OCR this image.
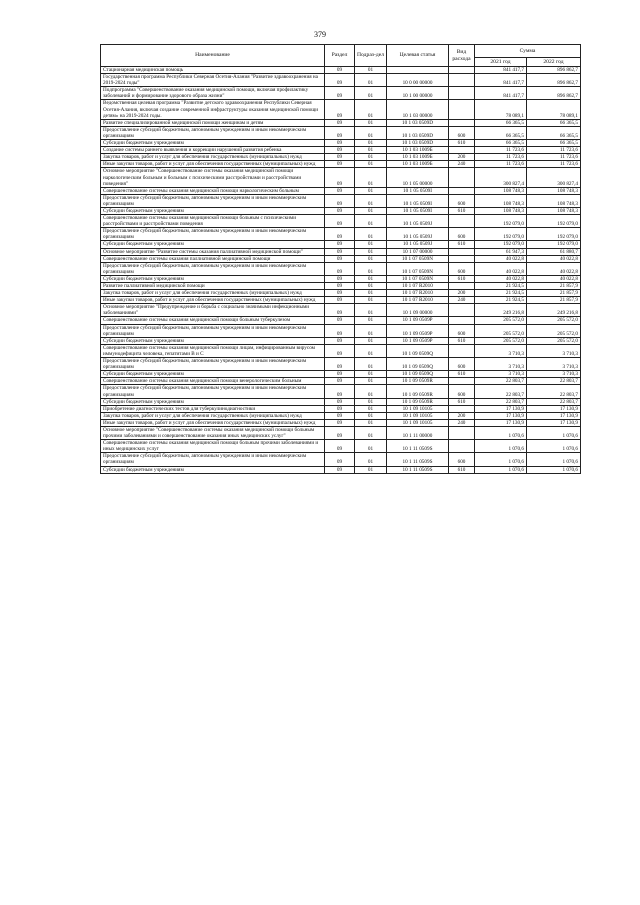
379
Наименование	Раздел	Подраз-дел	Целевая статья	Вид расхода	Сумма	
					2021 год	2022 год
Стационарная медицинская помощь	09	01			841 417,7	896 862,7
Государственная программа Республики Северная Осетия-Алания "Развитие здравоохранения на 2019-2024 годы"	09	01	10 0 00 00000		841 417,7	896 862,7
Подпрограмма "Совершенствование оказания медицинской помощи, включая профилактику заболеваний и формирование здорового образа жизни"	09	01	10 1 00 00000		841 417,7	896 862,7
Ведомственная целевая программа "Развитие детского здравоохранения Республики Северная Осетия-Алания, включая создание современной инфраструктуры оказания медицинской помощи детям» на 2019-2024 годы.	09	01	10 1 03 00000		78 089,1	78 089,1
Развитие специализированной медицинской помощи женщинам и детям	09	01	10 1 03 0509D		66 365,5	66 365,5
Предоставление субсидий бюджетным, автономным учреждениям и иным некоммерческим организациям	09	01	10 1 03 0509D	600	66 365,5	66 365,5
Субсидии бюджетным учреждениям	09	01	10 1 03 0509D	610	66 365,5	66 365,5
Создание системы раннего выявления и коррекции нарушений развития ребенка	09	01	10 1 03 1009Б		11 723,6	11 723,6
Закупка товаров, работ и услуг для обеспечения государственных (муниципальных) нужд	09	01	10 1 03 1009Б	200	11 723,6	11 723,6
Иные закупки товаров, работ и услуг для обеспечения государственных (муниципальных) нужд	09	01	10 1 03 1009Б	240	11 723,6	11 723,6
Основное мероприятие "Совершенствование системы оказания медицинской помощи наркологическим больным и больным с психическими расстройствами и расстройствами поведения"	09	01	10 1 05 00000		300 827,4	300 827,4
Совершенствование системы оказания медицинской помощи наркологическим больным	09	01	10 1 05 0509I		108 748,3	108 748,3
Предоставление субсидий бюджетным, автономным учреждениям и иным некоммерческим организациям	09	01	10 1 05 0509I	600	108 748,3	108 748,3
Субсидии бюджетным учреждениям	09	01	10 1 05 0509I	610	108 748,3	108 748,3
Совершенствование системы оказания медицинской помощи больным с психическими расстройствами и расстройствами поведения	09	01	10 1 05 0509J		192 079,0	192 079,0
Предоставление субсидий бюджетным, автономным учреждениям и иным некоммерческим организациям	09	01	10 1 05 0509J	600	192 079,0	192 079,0
Субсидии бюджетным учреждениям	09	01	10 1 05 0509J	610	192 079,0	192 079,0
Основное мероприятие "Развитие системы оказания паллиативной медицинской помощи"	09	01	10 1 07 00000		61 947,3	61 880,7
Совершенствование системы оказания паллиативной медицинской помощи	09	01	10 1 07 0509N		40 022,8	40 022,8
Предоставление субсидий бюджетным, автономным учреждениям и иным некоммерческим организациям	09	01	10 1 07 0509N	600	40 022,8	40 022,8
Субсидии бюджетным учреждениям	09	01	10 1 07 0509N	610	40 022,8	40 022,8
Развитие паллиативной медицинской помощи	09	01	10 1 07 R2010		21 924,5	21 857,9
Закупка товаров, работ и услуг для обеспечения государственных (муниципальных) нужд	09	01	10 1 07 R2010	200	21 924,5	21 857,9
Иные закупки товаров, работ и услуг для обеспечения государственных (муниципальных) нужд	09	01	10 1 07 R2010	240	21 924,5	21 857,9
Основное мероприятие "Предупреждение и борьба с социально значимыми инфекционными заболеваниями"	09	01	10 1 09 00000		249 216,8	249 216,8
Совершенствование системы оказания медицинской помощи больным туберкулезом	09	01	10 1 09 0509P		205 572,0	205 572,0
Предоставление субсидий бюджетным, автономным учреждениям и иным некоммерческим организациям	09	01	10 1 09 0509P	600	205 572,0	205 572,0
Субсидии бюджетным учреждениям	09	01	10 1 09 0509P	610	205 572,0	205 572,0
Совершенствование системы оказания медицинской помощи лицам, инфицированным вирусом иммунодефицита человека, гепатитами В и С	09	01	10 1 09 0509Q		3 710,3	3 710,3
Предоставление субсидий бюджетным, автономным учреждениям и иным некоммерческим организациям	09	01	10 1 09 0509Q	600	3 710,3	3 710,3
Субсидии бюджетным учреждениям	09	01	10 1 09 0509Q	610	3 710,3	3 710,3
Совершенствование системы оказания медицинской помощи венерологическим больным	09	01	10 1 09 0509R		22 803,7	22 803,7
Предоставление субсидий бюджетным, автономным учреждениям и иным некоммерческим организациям	09	01	10 1 09 0509R	600	22 803,7	22 803,7
Субсидии бюджетным учреждениям	09	01	10 1 09 0509R	610	22 803,7	22 803,7
Приобретение диагностических тестов для туберкулинодиагностики	09	01	10 1 09 10105		17 130,9	17 130,9
Закупка товаров, работ и услуг для обеспечения государственных (муниципальных) нужд	09	01	10 1 09 10105	200	17 130,9	17 130,9
Иные закупки товаров, работ и услуг для обеспечения государственных (муниципальных) нужд	09	01	10 1 09 10105	240	17 130,9	17 130,9
Основное мероприятие "Совершенствование системы оказания медицинской помощи больным прочими заболеваниями и совершенствование оказания иных медицинских услуг"	09	01	10 1 11 00000		1 070,6	1 070,6
Совершенствование системы оказания медицинской помощи больным прочими заболеваниями и иных медицинских услуг	09	01	10 1 11 0509S		1 070,6	1 070,6
Предоставление субсидий бюджетным, автономным учреждениям и иным некоммерческим организациям	09	01	10 1 11 0509S	600	1 070,6	1 070,6
Субсидии бюджетным учреждениям	09	01	10 1 11 0509S	610	1 070,6	1 070,6
